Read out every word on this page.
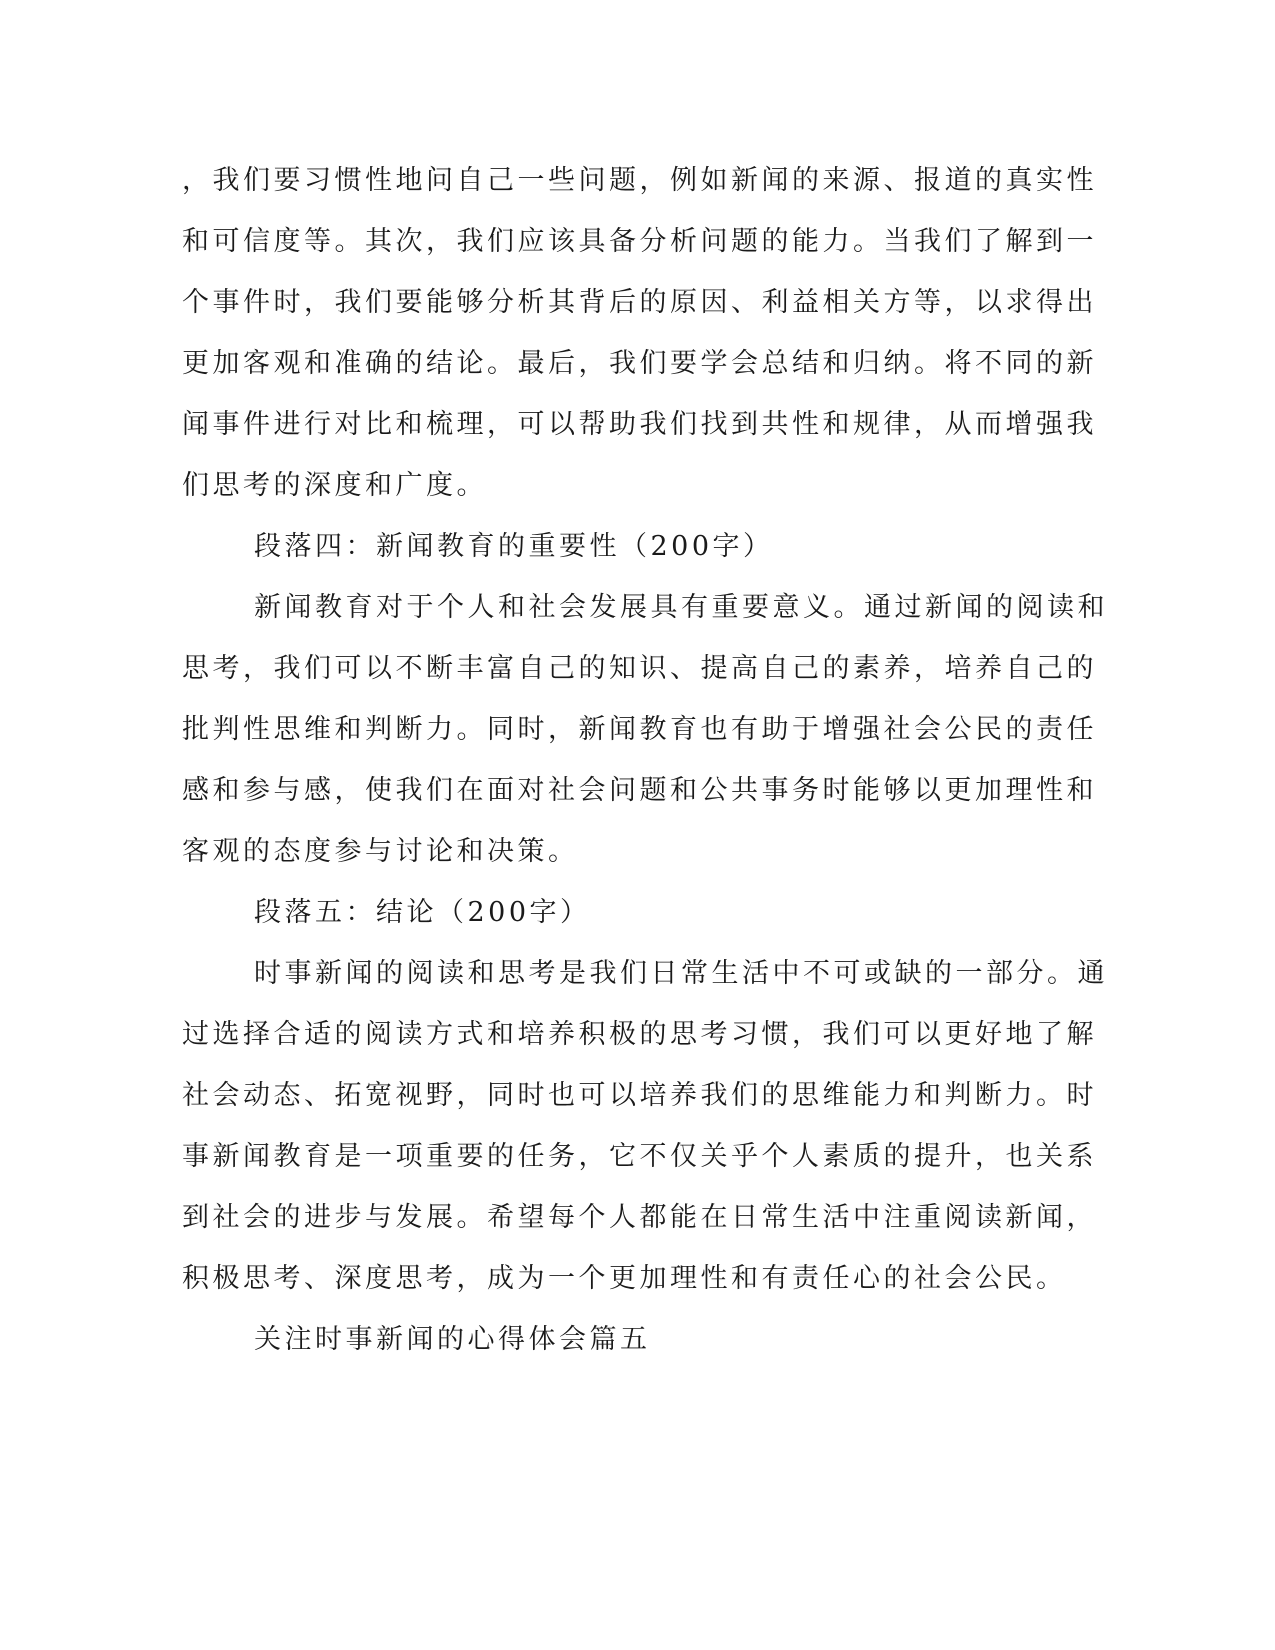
，我们要习惯性地问自己一些问题，例如新闻的来源、报道的真实性
和可信度等。其次，我们应该具备分析问题的能力。当我们了解到一
个事件时，我们要能够分析其背后的原因、利益相关方等，以求得出
更加客观和准确的结论。最后，我们要学会总结和归纳。将不同的新
闻事件进行对比和梳理，可以帮助我们找到共性和规律，从而增强我
们思考的深度和广度。
段落四：新闻教育的重要性（200字）
新闻教育对于个人和社会发展具有重要意义。通过新闻的阅读和
思考，我们可以不断丰富自己的知识、提高自己的素养，培养自己的
批判性思维和判断力。同时，新闻教育也有助于增强社会公民的责任
感和参与感，使我们在面对社会问题和公共事务时能够以更加理性和
客观的态度参与讨论和决策。
段落五：结论（200字）
时事新闻的阅读和思考是我们日常生活中不可或缺的一部分。通
过选择合适的阅读方式和培养积极的思考习惯，我们可以更好地了解
社会动态、拓宽视野，同时也可以培养我们的思维能力和判断力。时
事新闻教育是一项重要的任务，它不仅关乎个人素质的提升，也关系
到社会的进步与发展。希望每个人都能在日常生活中注重阅读新闻，
积极思考、深度思考，成为一个更加理性和有责任心的社会公民。
关注时事新闻的心得体会篇五
